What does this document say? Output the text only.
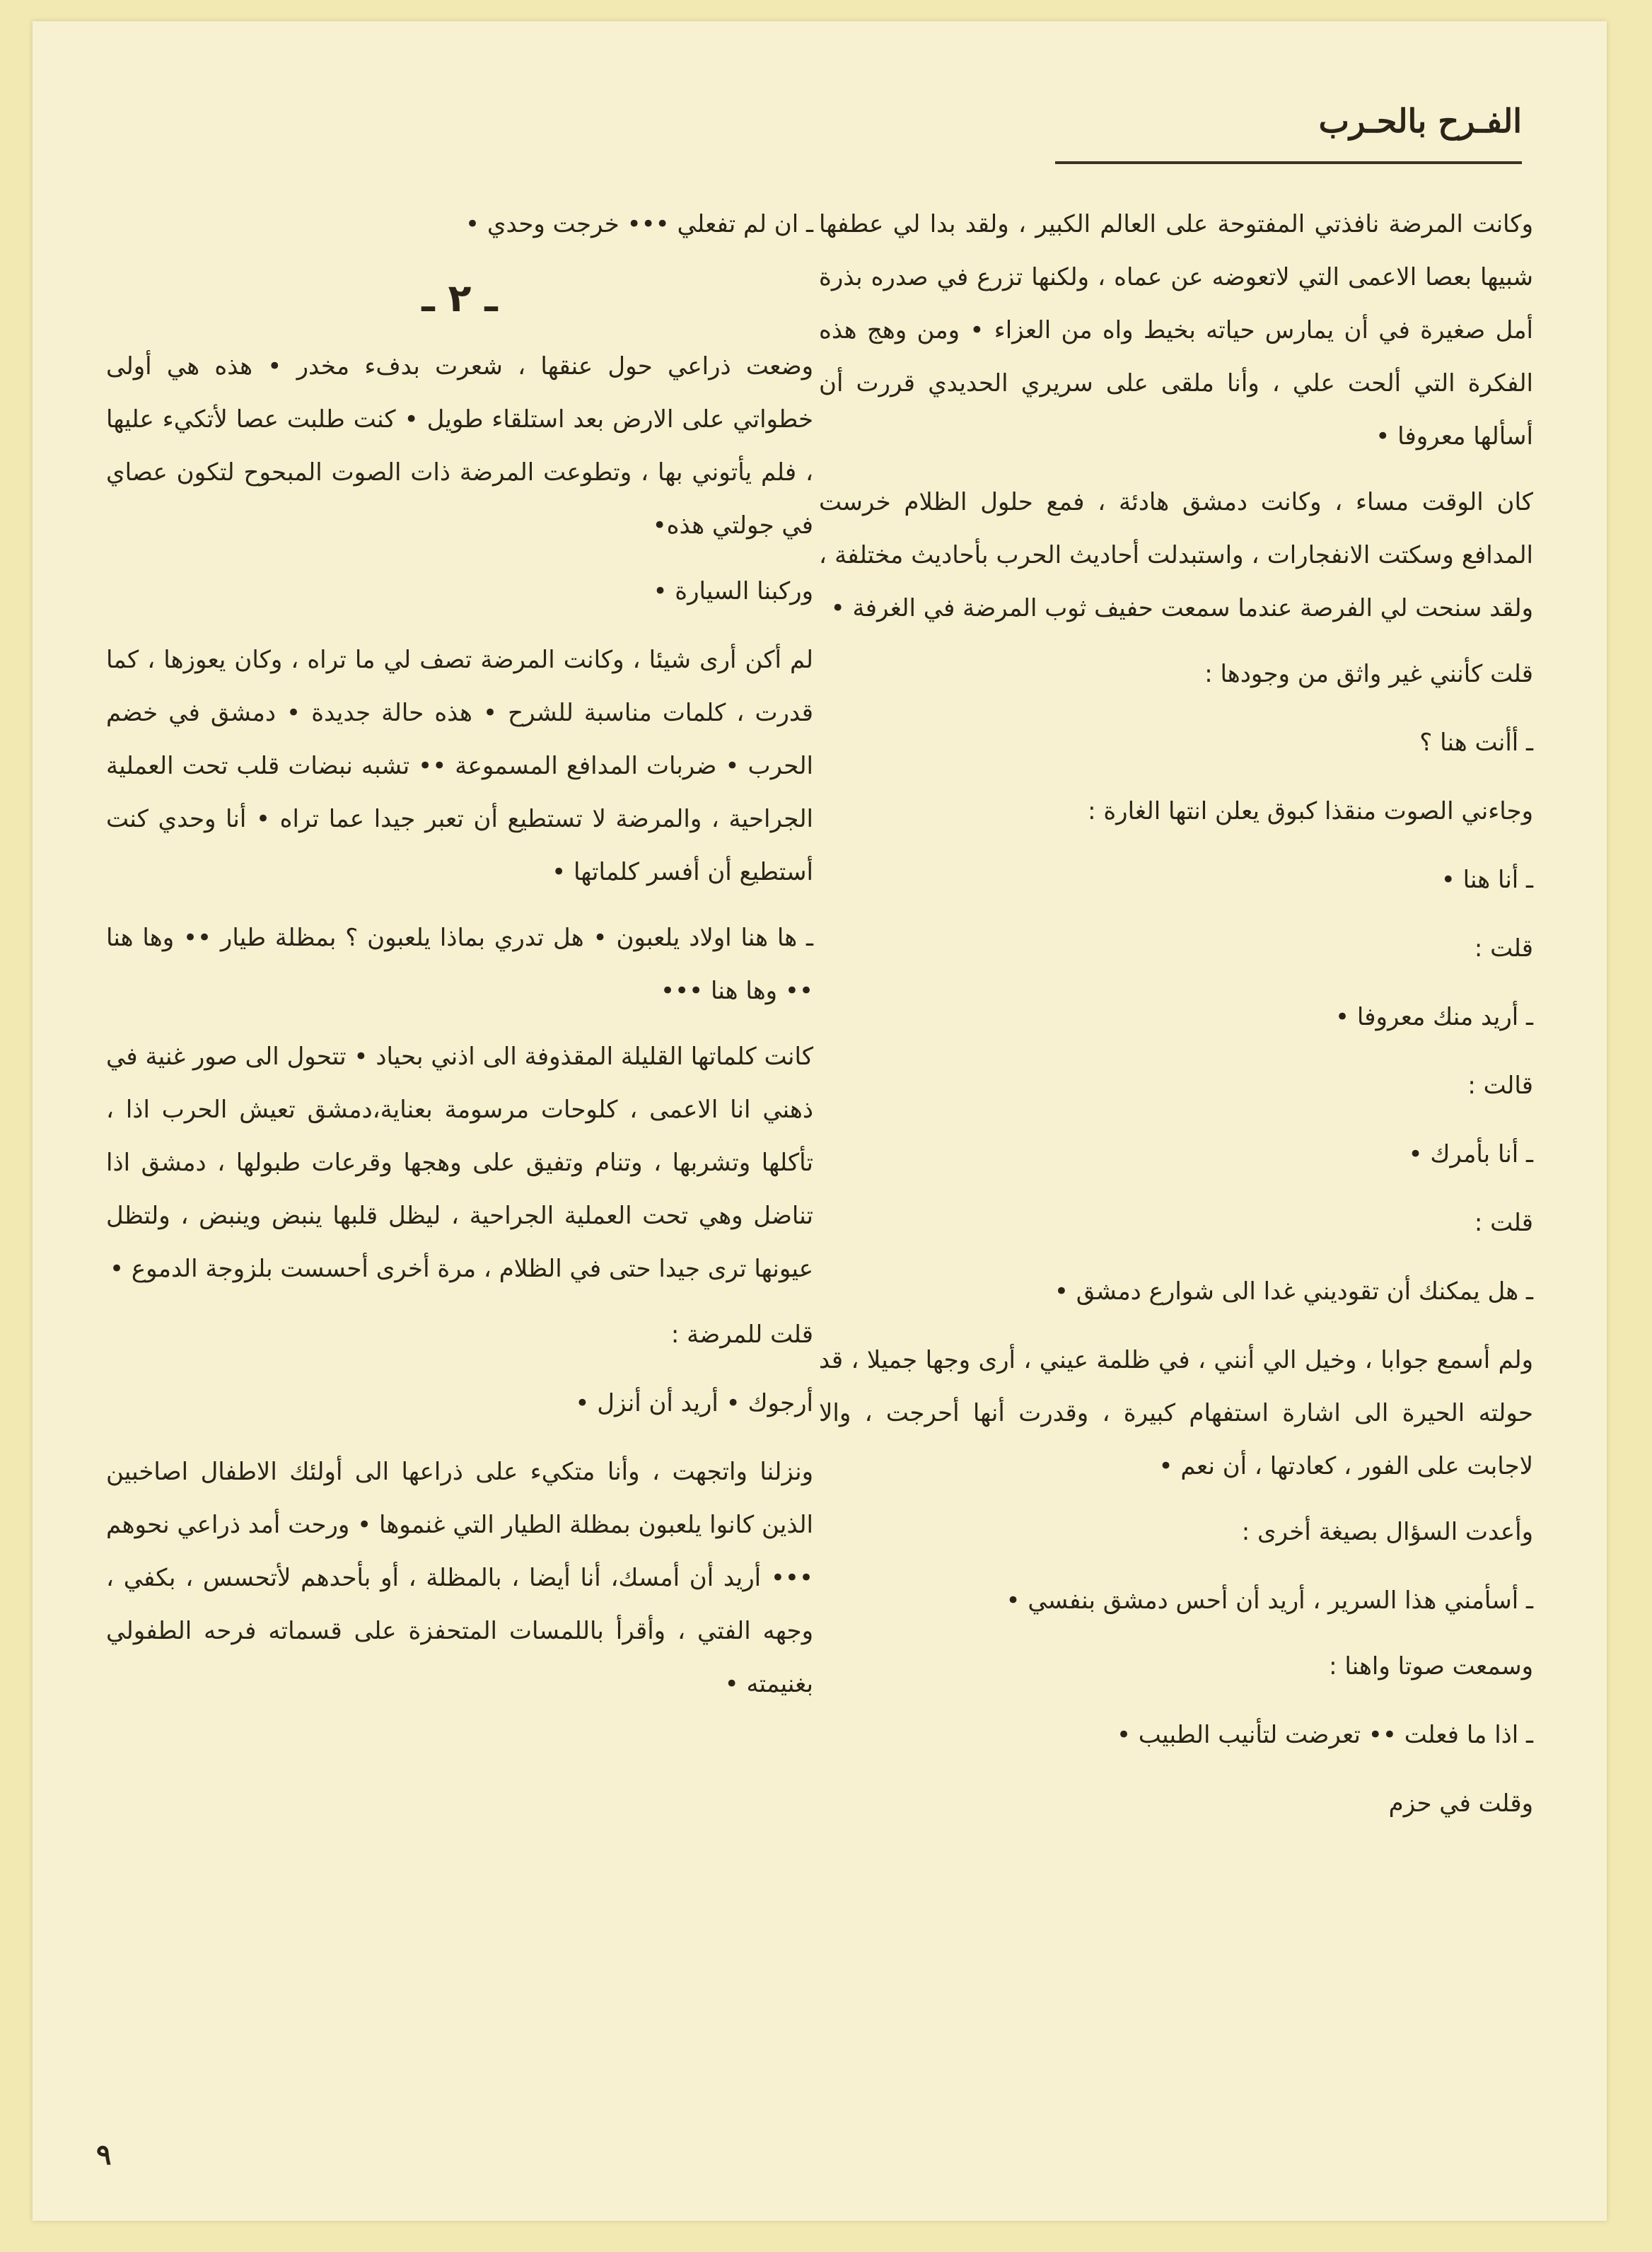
الفـرح بالحـرب

وكانت المرضة نافذتي المفتوحة على العالم الكبير ، ولقد بدا لي عطفها شبيها بعصا الاعمى التي لاتعوضه عن عماه ، ولكنها تزرع في صدره بذرة أمل صغيرة في أن يمارس حياته بخيط واه من العزاء • ومن وهج هذه الفكرة التي ألحت علي ، وأنا ملقى على سريري الحديدي قررت أن أسألها معروفا •

كان الوقت مساء ، وكانت دمشق هادئة ، فمع حلول الظلام خرست المدافع وسكتت الانفجارات ، واستبدلت أحاديث الحرب بأحاديث مختلفة ، ولقد سنحت لي الفرصة عندما سمعت حفيف ثوب المرضة في الغرفة •

قلت كأنني غير واثق من وجودها :

ـ أأنت هنا ؟

وجاءني الصوت منقذا كبوق يعلن انتها الغارة :

ـ أنا هنا •

قلت :

ـ أريد منك معروفا •

قالت :

ـ أنا بأمرك •

قلت :

ـ هل يمكنك أن تقوديني غدا الى شوارع دمشق •

ولم أسمع جوابا ، وخيل الي أنني ، في ظلمة عيني ، أرى وجها جميلا ، قد حولته الحيرة الى اشارة استفهام كبيرة ، وقدرت أنها أحرجت ، والا لاجابت على الفور ، كعادتها ، أن نعم •

وأعدت السؤال بصيغة أخرى :

ـ أسأمني هذا السرير ، أريد أن أحس دمشق بنفسي •

وسمعت صوتا واهنا :

ـ اذا ما فعلت •• تعرضت لتأنيب الطبيب •

وقلت في حزم

ـ ان لم تفعلي ••• خرجت وحدي •

ـ ٢ ـ

وضعت ذراعي حول عنقها ، شعرت بدفء مخدر • هذه هي أولى خطواتي على الارض بعد استلقاء طويل • كنت طلبت عصا لأتكيء عليها ، فلم يأتوني بها ، وتطوعت المرضة ذات الصوت المبحوح لتكون عصاي في جولتي هذه•

وركبنا السيارة •

لم أكن أرى شيئا ، وكانت المرضة تصف لي ما تراه ، وكان يعوزها ، كما قدرت ، كلمات مناسبة للشرح • هذه حالة جديدة • دمشق في خضم الحرب • ضربات المدافع المسموعة •• تشبه نبضات قلب تحت العملية الجراحية ، والمرضة لا تستطيع أن تعبر جيدا عما تراه • أنا وحدي كنت أستطيع أن أفسر كلماتها •

ـ ها هنا اولاد يلعبون • هل تدري بماذا يلعبون ؟ بمظلة طيار •• وها هنا •• وها هنا •••

كانت كلماتها القليلة المقذوفة الى اذني بحياد • تتحول الى صور غنية في ذهني انا الاعمى ، كلوحات مرسومة بعناية،دمشق تعيش الحرب اذا ، تأكلها وتشربها ، وتنام وتفيق على وهجها وقرعات طبولها ، دمشق اذا تناضل وهي تحت العملية الجراحية ، ليظل قلبها ينبض وينبض ، ولتظل عيونها ترى جيدا حتى في الظلام ، مرة أخرى أحسست بلزوجة الدموع •

قلت للمرضة :

أرجوك • أريد أن أنزل •

ونزلنا واتجهت ، وأنا متكيء على ذراعها الى أولئك الاطفال اصاخبين الذين كانوا يلعبون بمظلة الطيار التي غنموها • ورحت أمد ذراعي نحوهم ••• أريد أن أمسك، أنا أيضا ، بالمظلة ، أو بأحدهم لأتحسس ، بكفي ، وجهه الفتي ، وأقرأ باللمسات المتحفزة على قسماته فرحه الطفولي بغنيمته •

٩
